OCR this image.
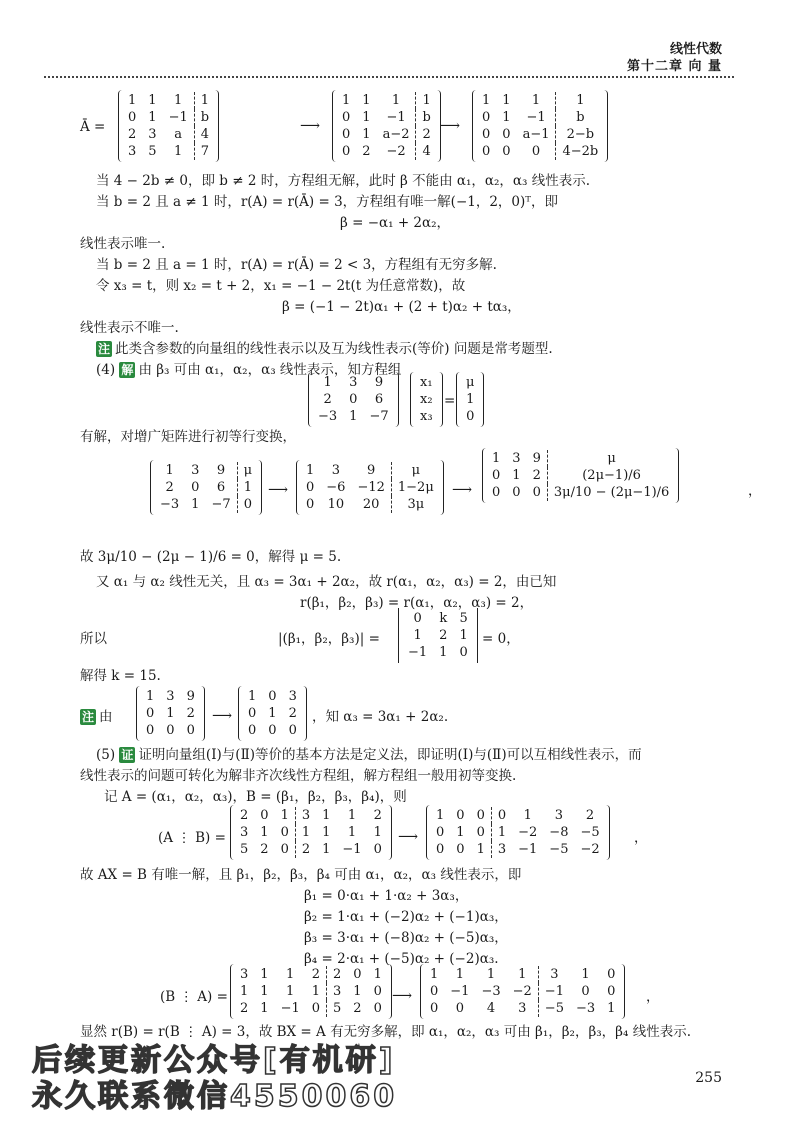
线性代数
第十二章 向 量
Ā =
1	1	1	1
0	1	−1	b
2	3	a	4
3	5	1	7
⟶
1	1	1	1
0	1	−1	b
0	1	a−2	2
0	2	−2	4
⟶
1	1	1	1
0	1	−1	b
0	0	a−1	2−b
0	0	0	4−2b
当 4 − 2b ≠ 0，即 b ≠ 2 时，方程组无解，此时 β 不能由 α₁，α₂，α₃ 线性表示.
当 b = 2 且 a ≠ 1 时，r(A) = r(Ā) = 3，方程组有唯一解(−1，2，0)ᵀ，即
β = −α₁ + 2α₂，
线性表示唯一.
当 b = 2 且 a = 1 时，r(A) = r(Ā) = 2 < 3，方程组有无穷多解.
令 x₃ = t，则 x₂ = t + 2，x₁ = −1 − 2t(t 为任意常数)，故
β = (−1 − 2t)α₁ + (2 + t)α₂ + tα₃，
线性表示不唯一.
注 此类含参数的向量组的线性表示以及互为线性表示(等价) 问题是常考题型.
(4) 解 由 β₃ 可由 α₁，α₂，α₃ 线性表示，知方程组
1	3	9
2	0	6
−3	1	−7
x₁
x₂
x₃
=
μ
1
0
有解，对增广矩阵进行初等行变换，
1	3	9	μ
2	0	6	1
−3	1	−7	0
⟶
1	3	9	μ
0	−6	−12	1−2μ
0	10	20	3μ
⟶
1	3	9	μ
0	1	2	(2μ−1)/6
0	0	0	3μ/10 − (2μ−1)/6	，
故 3μ/10 − (2μ − 1)/6 = 0，解得 μ = 5.
又 α₁ 与 α₂ 线性无关，且 α₃ = 3α₁ + 2α₂，故 r(α₁，α₂，α₃) = 2，由已知
r(β₁，β₂，β₃) = r(α₁，α₂，α₃) = 2，
所以	|(β₁，β₂，β₃)| =
0	k	5
1	2	1
−1	1	0
= 0，
解得 k = 15.
注 由
1	3	9
0	1	2
0	0	0
⟶
1	0	3
0	1	2
0	0	0
，知 α₃ = 3α₁ + 2α₂.
(5) 证 证明向量组(Ⅰ)与(Ⅱ)等价的基本方法是定义法，即证明(Ⅰ)与(Ⅱ)可以互相线性表示，而
线性表示的问题可转化为解非齐次线性方程组，解方程组一般用初等变换.
记 A = (α₁，α₂，α₃)，B = (β₁，β₂，β₃，β₄)，则
(A ⋮ B) =
2	0	1	3	1	1	2
3	1	0	1	1	1	1
5	2	0	2	1	−1	0
⟶
1	0	0	0	1	3	2
0	1	0	1	−2	−8	−5
0	0	1	3	−1	−5	−2
，
故 AX = B 有唯一解，且 β₁，β₂，β₃，β₄ 可由 α₁，α₂，α₃ 线性表示，即
β₁ = 0·α₁ + 1·α₂ + 3α₃，
β₂ = 1·α₁ + (−2)α₂ + (−1)α₃，
β₃ = 3·α₁ + (−8)α₂ + (−5)α₃，
β₄ = 2·α₁ + (−5)α₂ + (−2)α₃.
(B ⋮ A) =
3	1	1	2	2	0	1
1	1	1	1	3	1	0
2	1	−1	0	5	2	0
⟶
1	1	1	1	3	1	0
0	−1	−3	−2	−1	0	0
0	0	4	3	−5	−3	1
，
显然 r(B) = r(B ⋮ A) = 3，故 BX = A 有无穷多解，即 α₁，α₂，α₃ 可由 β₁，β₂，β₃，β₄ 线性表示.
后续更新公众号[有机研]
永久联系微信4550060
255
